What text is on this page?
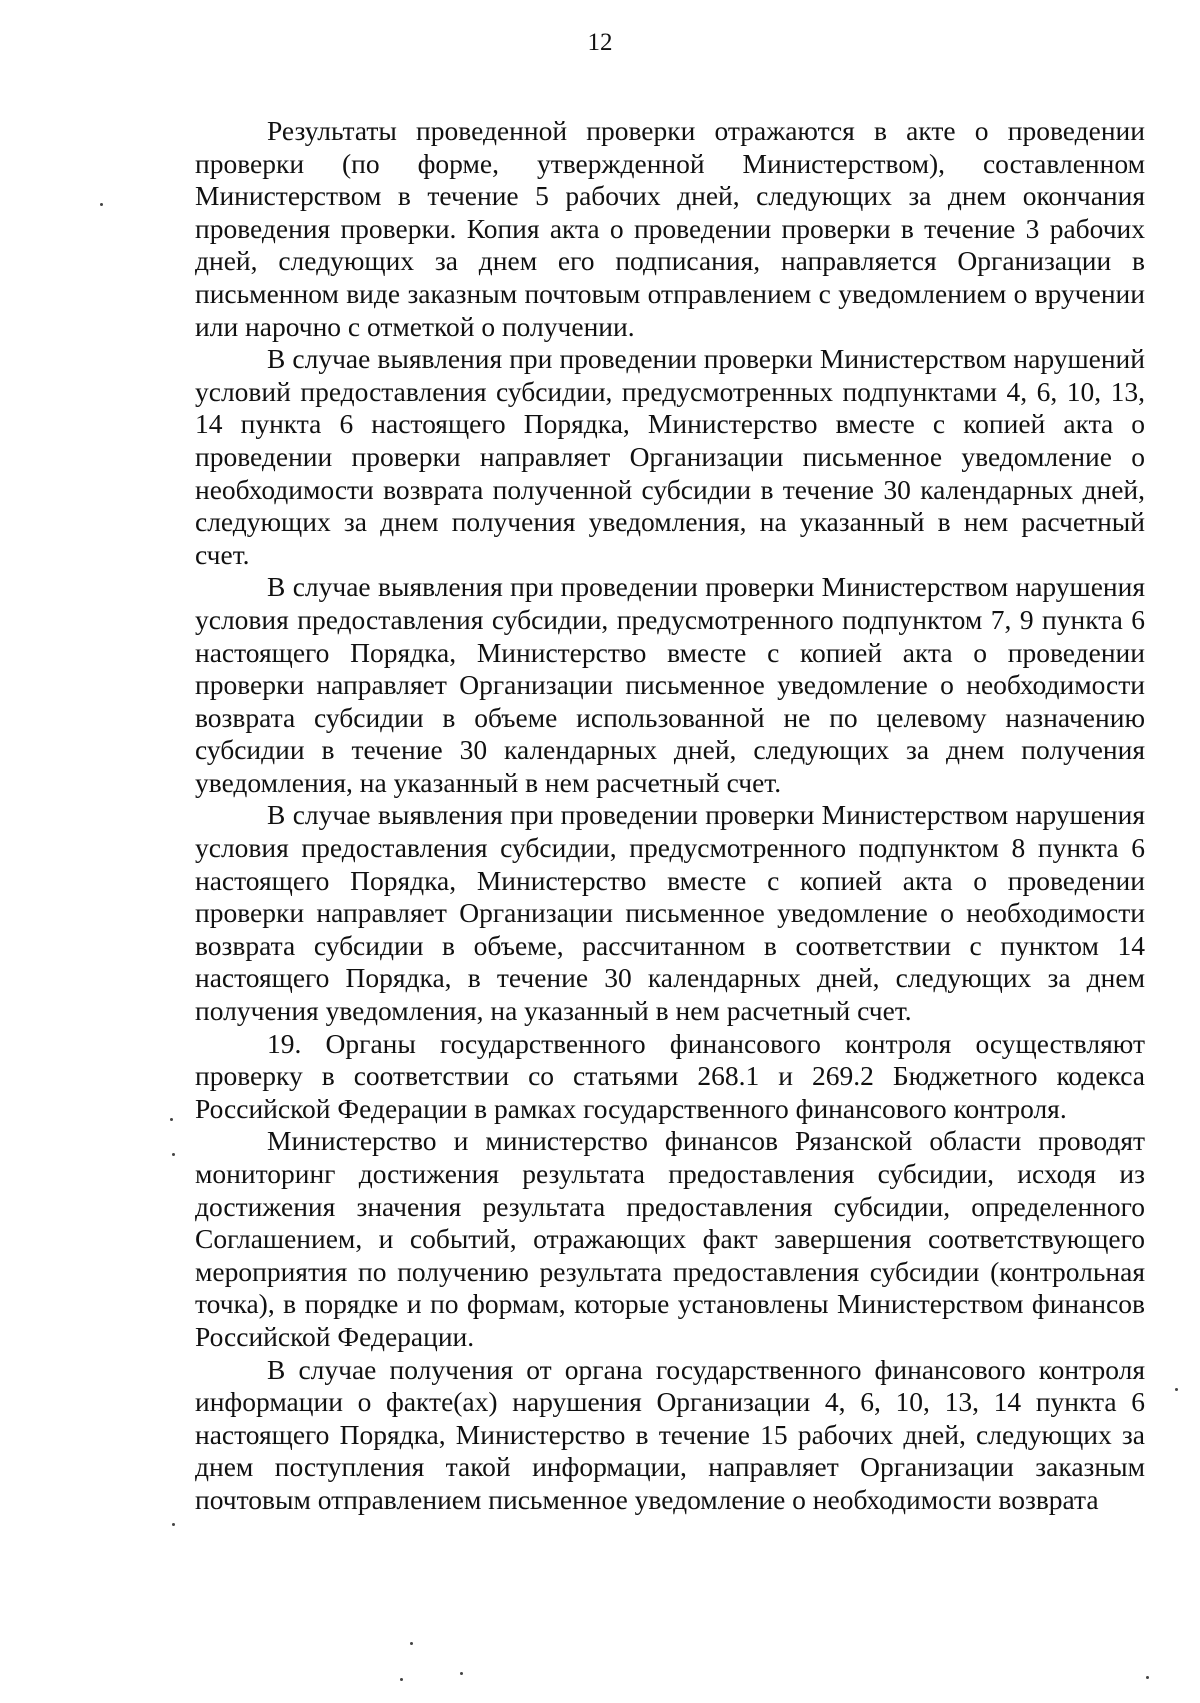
12

Результаты проведенной проверки отражаются в акте о проведении проверки (по форме, утвержденной Министерством), составленном Министерством в течение 5 рабочих дней, следующих за днем окончания проведения проверки. Копия акта о проведении проверки в течение 3 рабочих дней, следующих за днем его подписания, направляется Организации в письменном виде заказным почтовым отправлением с уведомлением о вручении или нарочно с отметкой о получении.

В случае выявления при проведении проверки Министерством нарушений условий предоставления субсидии, предусмотренных подпунктами 4, 6, 10, 13, 14 пункта 6 настоящего Порядка, Министерство вместе с копией акта о проведении проверки направляет Организации письменное уведомление о необходимости возврата полученной субсидии в течение 30 календарных дней, следующих за днем получения уведомления, на указанный в нем расчетный счет.

В случае выявления при проведении проверки Министерством нарушения условия предоставления субсидии, предусмотренного подпунктом 7, 9 пункта 6 настоящего Порядка, Министерство вместе с копией акта о проведении проверки направляет Организации письменное уведомление о необходимости возврата субсидии в объеме использованной не по целевому назначению субсидии в течение 30 календарных дней, следующих за днем получения уведомления, на указанный в нем расчетный счет.

В случае выявления при проведении проверки Министерством нарушения условия предоставления субсидии, предусмотренного подпунктом 8 пункта 6 настоящего Порядка, Министерство вместе с копией акта о проведении проверки направляет Организации письменное уведомление о необходимости возврата субсидии в объеме, рассчитанном в соответствии с пунктом 14 настоящего Порядка, в течение 30 календарных дней, следующих за днем получения уведомления, на указанный в нем расчетный счет.

19. Органы государственного финансового контроля осуществляют проверку в соответствии со статьями 268.1 и 269.2 Бюджетного кодекса Российской Федерации в рамках государственного финансового контроля.

Министерство и министерство финансов Рязанской области проводят мониторинг достижения результата предоставления субсидии, исходя из достижения значения результата предоставления субсидии, определенного Соглашением, и событий, отражающих факт завершения соответствующего мероприятия по получению результата предоставления субсидии (контрольная точка), в порядке и по формам, которые установлены Министерством финансов Российской Федерации.

В случае получения от органа государственного финансового контроля информации о факте(ах) нарушения Организации 4, 6, 10, 13, 14 пункта 6 настоящего Порядка, Министерство в течение 15 рабочих дней, следующих за днем поступления такой информации, направляет Организации заказным почтовым отправлением письменное уведомление о необходимости возврата
